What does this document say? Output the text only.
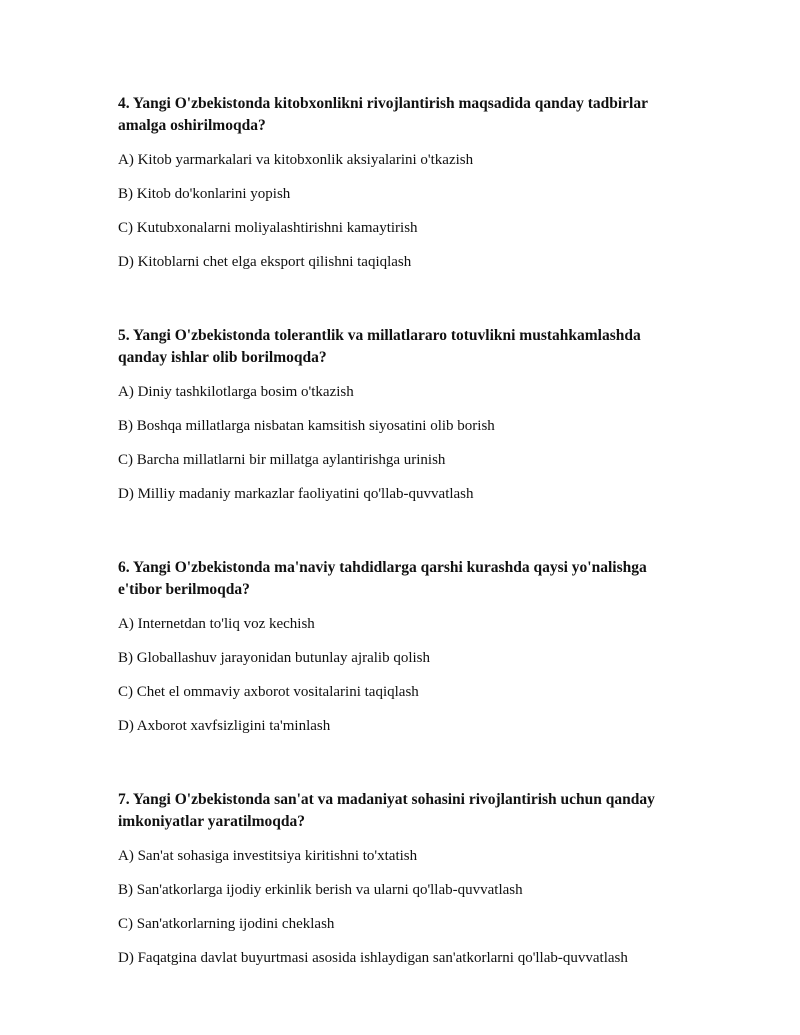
4. Yangi O'zbekistonda kitobxonlikni rivojlantirish maqsadida qanday tadbirlar amalga oshirilmoqda?

A) Kitob yarmarkalari va kitobxonlik aksiyalarini o'tkazish

B) Kitob do'konlarini yopish

C) Kutubxonalarni moliyalashtirishni kamaytirish

D) Kitoblarni chet elga eksport qilishni taqiqlash

5. Yangi O'zbekistonda tolerantlik va millatlararo totuvlikni mustahkamlashda qanday ishlar olib borilmoqda?

A) Diniy tashkilotlarga bosim o'tkazish

B) Boshqa millatlarga nisbatan kamsitish siyosatini olib borish

C) Barcha millatlarni bir millatga aylantirishga urinish

D) Milliy madaniy markazlar faoliyatini qo'llab-quvvatlash

6. Yangi O'zbekistonda ma'naviy tahdidlarga qarshi kurashda qaysi yo'nalishga e'tibor berilmoqda?

A) Internetdan to'liq voz kechish

B) Globallashuv jarayonidan butunlay ajralib qolish

C) Chet el ommaviy axborot vositalarini taqiqlash

D) Axborot xavfsizligini ta'minlash

7. Yangi O'zbekistonda san'at va madaniyat sohasini rivojlantirish uchun qanday imkoniyatlar yaratilmoqda?

A) San'at sohasiga investitsiya kiritishni to'xtatish

B) San'atkorlarga ijodiy erkinlik berish va ularni qo'llab-quvvatlash

C) San'atkorlarning ijodini cheklash

D) Faqatgina davlat buyurtmasi asosida ishlaydigan san'atkorlarni qo'llab-quvvatlash
